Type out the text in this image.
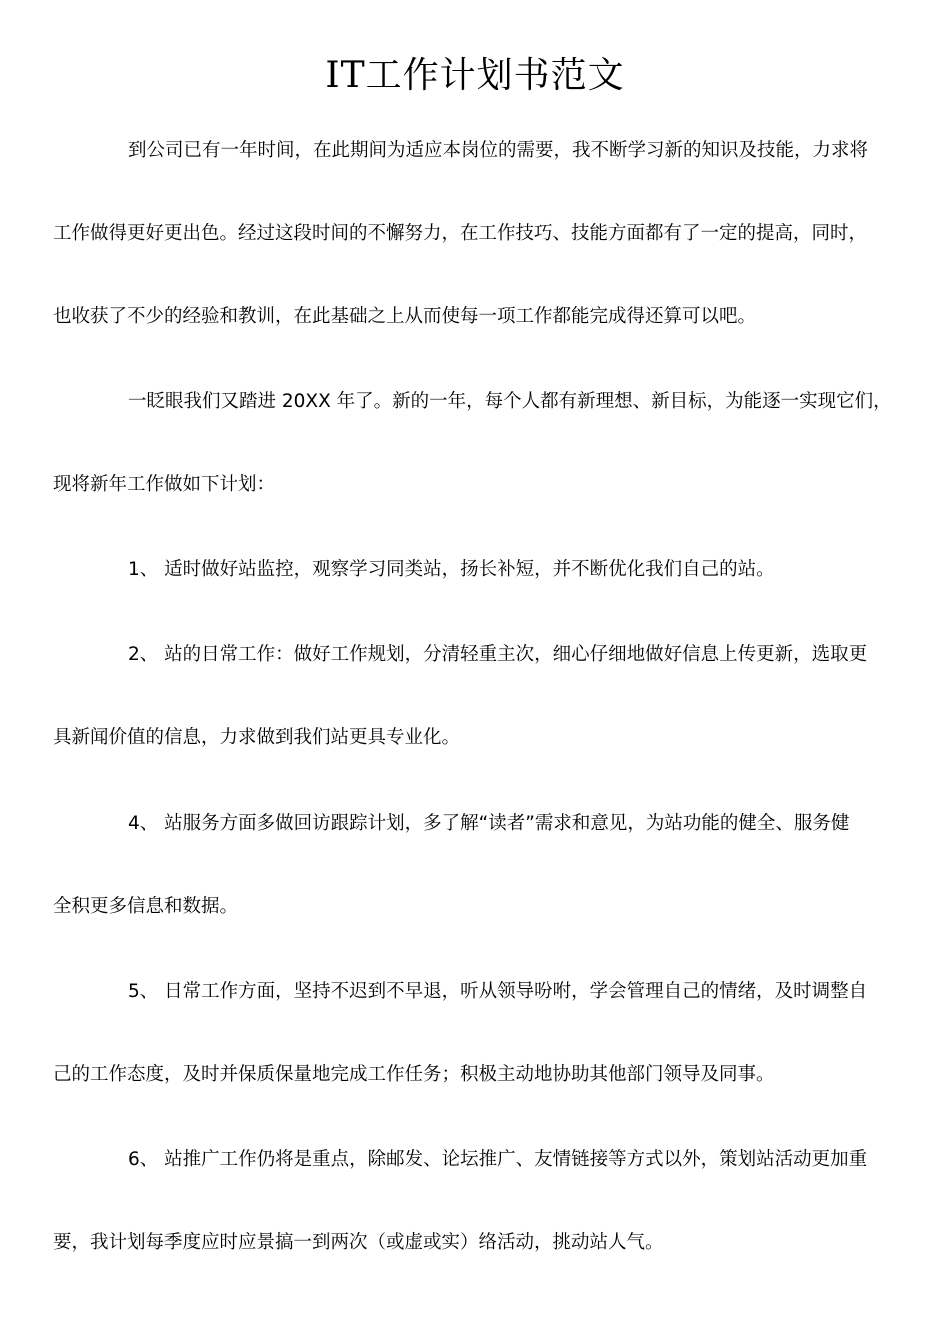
IT工作计划书范文
到公司已有一年时间，在此期间为适应本岗位的需要，我不断学习新的知识及技能，力求将
工作做得更好更出色。经过这段时间的不懈努力，在工作技巧、技能方面都有了一定的提高，同时，
也收获了不少的经验和教训，在此基础之上从而使每一项工作都能完成得还算可以吧。
一眨眼我们又踏进 20XX 年了。新的一年，每个人都有新理想、新目标，为能逐一实现它们，
现将新年工作做如下计划：
1、 适时做好站监控，观察学习同类站，扬长补短，并不断优化我们自己的站。
2、 站的日常工作：做好工作规划，分清轻重主次，细心仔细地做好信息上传更新，选取更
具新闻价值的信息，力求做到我们站更具专业化。
4、 站服务方面多做回访跟踪计划，多了解“读者”需求和意见，为站功能的健全、服务健
全积更多信息和数据。
5、 日常工作方面，坚持不迟到不早退，听从领导吩咐，学会管理自己的情绪，及时调整自
己的工作态度，及时并保质保量地完成工作任务；积极主动地协助其他部门领导及同事。
6、 站推广工作仍将是重点，除邮发、论坛推广、友情链接等方式以外，策划站活动更加重
要，我计划每季度应时应景搞一到两次（或虚或实）络活动，挑动站人气。
